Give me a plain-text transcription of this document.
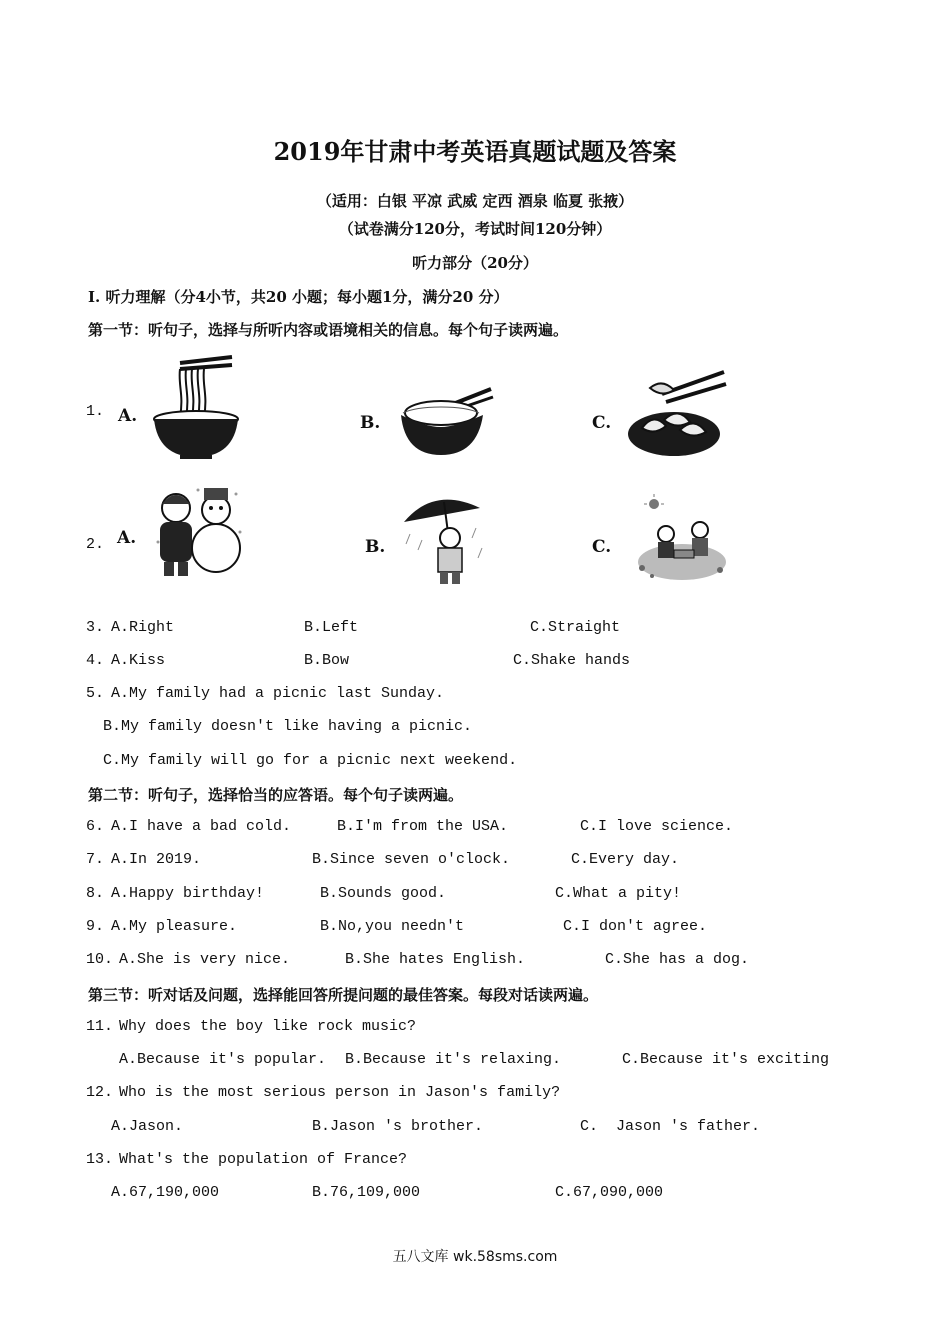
2019年甘肃中考英语真题试题及答案
（适用：白银 平凉 武威 定西 酒泉 临夏 张掖）
（试卷满分120分，考试时间120分钟）
听力部分（20分）
I. 听力理解（分4小节，共20 小题；每小题1分，满分20 分）
第一节：听句子，选择与所听内容或语境相关的信息。每个句子读两遍。
1. A.	B.	C.
2. A.	B.	C.
3. A.Right	B.Left	C.Straight
4. A.Kiss	B.Bow	C.Shake hands
5. A.My family had a picnic last Sunday.
B.My family doesn't like having a picnic.
C.My family will go for a picnic next weekend.
第二节：听句子，选择恰当的应答语。每个句子读两遍。
6. A.I have a bad cold.	B.I'm from the USA.	C.I love science.
7. A.In 2019.	B.Since seven o'clock.	C.Every day.
8. A.Happy birthday!	B.Sounds good.	C.What a pity!
9. A.My pleasure.	B.No,you needn't	C.I don't agree.
10. A.She is very nice.	B.She hates English.	C.She has a dog.
第三节：听对话及问题，选择能回答所提问题的最佳答案。每段对话读两遍。
11. Why does the boy like rock music?
A.Because it's popular. B.Because it's relaxing.	C.Because it's exciting
12. Who is the most serious person in Jason's family?
A.Jason.	B.Jason 's brother.	C.  Jason 's father.
13. What's the population of France?
A.67,190,000	B.76,109,000	C.67,090,000
五八文库 wk.58sms.com
